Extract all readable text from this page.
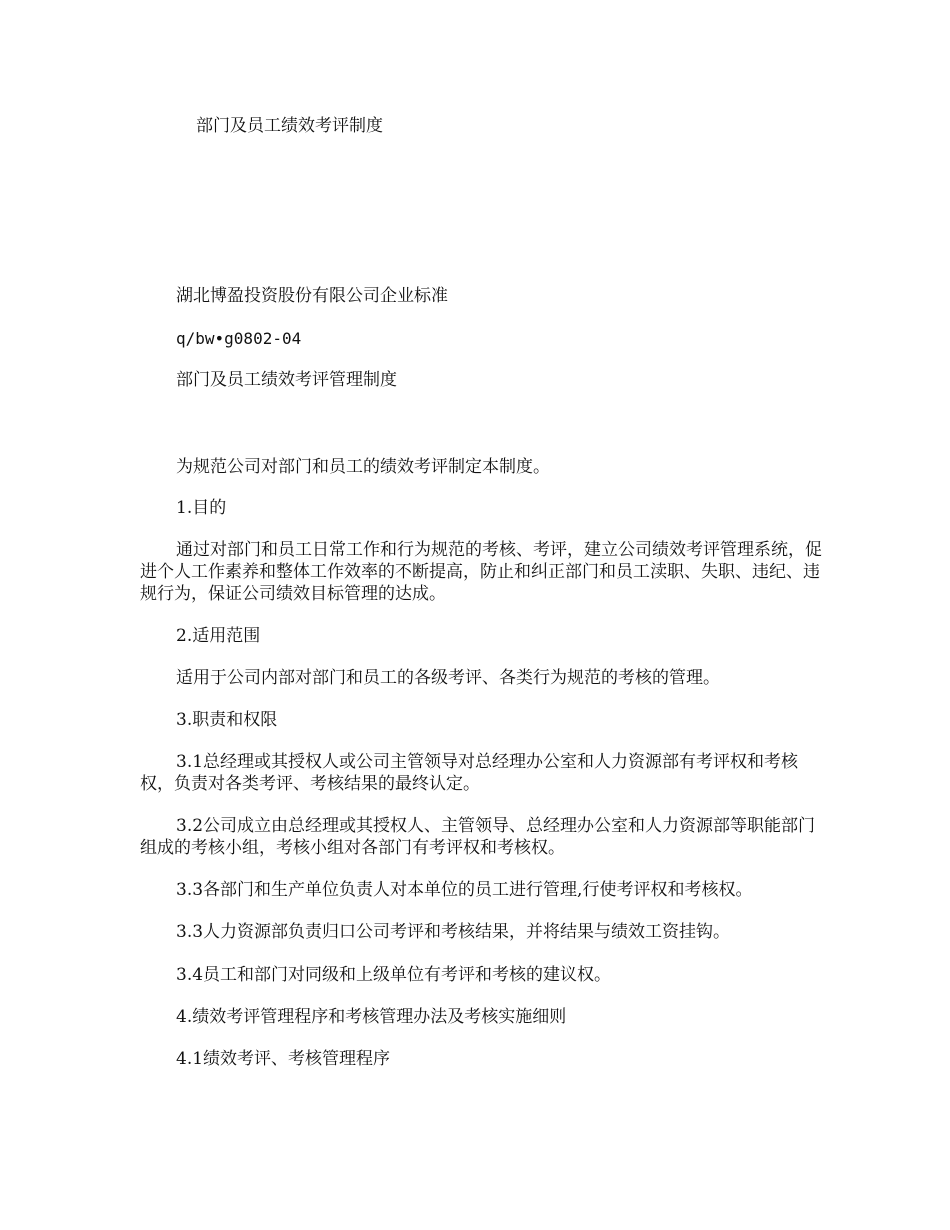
部门及员工绩效考评制度
湖北博盈投资股份有限公司企业标准
q/bw•g0802-04
部门及员工绩效考评管理制度
为规范公司对部门和员工的绩效考评制定本制度。
1.目的

通过对部门和员工日常工作和行为规范的考核、考评，建立公司绩效考评管理系统，促进个人工作素养和整体工作效率的不断提高，防止和纠正部门和员工渎职、失职、违纪、违规行为，保证公司绩效目标管理的达成。

2.适用范围
适用于公司内部对部门和员工的各级考评、各类行为规范的考核的管理。
3.职责和权限

3.1总经理或其授权人或公司主管领导对总经理办公室和人力资源部有考评权和考核权，负责对各类考评、考核结果的最终认定。

3.2公司成立由总经理或其授权人、主管领导、总经理办公室和人力资源部等职能部门组成的考核小组，考核小组对各部门有考评权和考核权。

3.3各部门和生产单位负责人对本单位的员工进行管理,行使考评权和考核权。
3.3人力资源部负责归口公司考评和考核结果，并将结果与绩效工资挂钩。
3.4员工和部门对同级和上级单位有考评和考核的建议权。
4.绩效考评管理程序和考核管理办法及考核实施细则
4.1绩效考评、考核管理程序
